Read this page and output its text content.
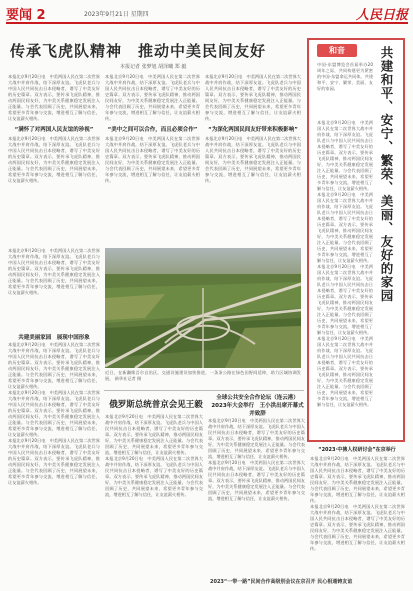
要闻 2	2023年9月21日 星期四	人民日报
传承飞虎队精神　推动中美民间友好
本报记者 张梦旭 胡泽曦 郑 毅
本报北京9月20日电　中美两国人民在第二次世界大战中并肩作战，结下深厚友谊。飞虎队老兵与中国人民共同抗击日本侵略者，谱写了中美友好的历史篇章。双方表示，要传承飞虎队精神，推动两国民间友好，为中美关系健康稳定发展注入正能量。与会代表回顾了历史，共同展望未来，希望更多青年参与交流，增进相互了解与信任，让友谊薪火相传。
“满怀了对两国人民友谊的珍视”
本报北京9月20日电　中美两国人民在第二次世界大战中并肩作战，结下深厚友谊。飞虎队老兵与中国人民共同抗击日本侵略者，谱写了中美友好的历史篇章。双方表示，要传承飞虎队精神，推动两国民间友好，为中美关系健康稳定发展注入正能量。与会代表回顾了历史，共同展望未来，希望更多青年参与交流，增进相互了解与信任，让友谊薪火相传。
本报北京9月20日电　中美两国人民在第二次世界大战中并肩作战，结下深厚友谊。飞虎队老兵与中国人民共同抗击日本侵略者，谱写了中美友好的历史篇章。双方表示，要传承飞虎队精神，推动两国民间友好，为中美关系健康稳定发展注入正能量。与会代表回顾了历史，共同展望未来，希望更多青年参与交流，增进相互了解与信任，让友谊薪火相传。
“美中之间可以合作，而且必须合作”
本报北京9月20日电　中美两国人民在第二次世界大战中并肩作战，结下深厚友谊。飞虎队老兵与中国人民共同抗击日本侵略者，谱写了中美友好的历史篇章。双方表示，要传承飞虎队精神，推动两国民间友好，为中美关系健康稳定发展注入正能量。与会代表回顾了历史，共同展望未来，希望更多青年参与交流，增进相互了解与信任，让友谊薪火相传。
本报北京9月20日电　中美两国人民在第二次世界大战中并肩作战，结下深厚友谊。飞虎队老兵与中国人民共同抗击日本侵略者，谱写了中美友好的历史篇章。双方表示，要传承飞虎队精神，推动两国民间友好，为中美关系健康稳定发展注入正能量。与会代表回顾了历史，共同展望未来，希望更多青年参与交流，增进相互了解与信任，让友谊薪火相传。
“为深化两国民间友好带来积极影响”
本报北京9月20日电　中美两国人民在第二次世界大战中并肩作战，结下深厚友谊。飞虎队老兵与中国人民共同抗击日本侵略者，谱写了中美友好的历史篇章。双方表示，要传承飞虎队精神，推动两国民间友好，为中美关系健康稳定发展注入正能量。与会代表回顾了历史，共同展望未来，希望更多青年参与交流，增进相互了解与信任，让友谊薪火相传。
本报北京9月20日电　中美两国人民在第二次世界大战中并肩作战，结下深厚友谊。飞虎队老兵与中国人民共同抗击日本侵略者，谱写了中美友好的历史篇章。双方表示，要传承飞虎队精神，推动两国民间友好，为中美关系健康稳定发展注入正能量。与会代表回顾了历史，共同展望未来，希望更多青年参与交流，增进相互了解与信任，让友谊薪火相传。
共建美丽家园　展现中国形象
本报北京9月20日电　中美两国人民在第二次世界大战中并肩作战，结下深厚友谊。飞虎队老兵与中国人民共同抗击日本侵略者，谱写了中美友好的历史篇章。双方表示，要传承飞虎队精神，推动两国民间友好，为中美关系健康稳定发展注入正能量。与会代表回顾了历史，共同展望未来，希望更多青年参与交流，增进相互了解与信任，让友谊薪火相传。
本报北京9月20日电　中美两国人民在第二次世界大战中并肩作战，结下深厚友谊。飞虎队老兵与中国人民共同抗击日本侵略者，谱写了中美友好的历史篇章。双方表示，要传承飞虎队精神，推动两国民间友好，为中美关系健康稳定发展注入正能量。与会代表回顾了历史，共同展望未来，希望更多青年参与交流，增进相互了解与信任，让友谊薪火相传。
本报北京9月20日电　中美两国人民在第二次世界大战中并肩作战，结下深厚友谊。飞虎队老兵与中国人民共同抗击日本侵略者，谱写了中美友好的历史篇章。双方表示，要传承飞虎队精神，推动两国民间友好，为中美关系健康稳定发展注入正能量。与会代表回顾了历史，共同展望未来，希望更多青年参与交流，增进相互了解与信任，让友谊薪火相传。
近日，在新疆维吾尔自治区，交通设施建设加快推进，一条条公路在绿色田野间延伸，助力区域协调发展。 新华社记者 摄
和音	共建和平、安宁、繁荣、美丽、友好的家园
中国-东盟博览会首届举办20周年之际，共同构建更为紧密的中国-东盟命运共同体，共建和平、安宁、繁荣、美丽、友好的家园。
本报北京9月20日电　中美两国人民在第二次世界大战中并肩作战，结下深厚友谊。飞虎队老兵与中国人民共同抗击日本侵略者，谱写了中美友好的历史篇章。双方表示，要传承飞虎队精神，推动两国民间友好，为中美关系健康稳定发展注入正能量。与会代表回顾了历史，共同展望未来，希望更多青年参与交流，增进相互了解与信任，让友谊薪火相传。
本报北京9月20日电　中美两国人民在第二次世界大战中并肩作战，结下深厚友谊。飞虎队老兵与中国人民共同抗击日本侵略者，谱写了中美友好的历史篇章。双方表示，要传承飞虎队精神，推动两国民间友好，为中美关系健康稳定发展注入正能量。与会代表回顾了历史，共同展望未来，希望更多青年参与交流，增进相互了解与信任，让友谊薪火相传。
本报北京9月20日电　中美两国人民在第二次世界大战中并肩作战，结下深厚友谊。飞虎队老兵与中国人民共同抗击日本侵略者，谱写了中美友好的历史篇章。双方表示，要传承飞虎队精神，推动两国民间友好，为中美关系健康稳定发展注入正能量。与会代表回顾了历史，共同展望未来，希望更多青年参与交流，增进相互了解与信任，让友谊薪火相传。
本报北京9月20日电　中美两国人民在第二次世界大战中并肩作战，结下深厚友谊。飞虎队老兵与中国人民共同抗击日本侵略者，谱写了中美友好的历史篇章。双方表示，要传承飞虎队精神，推动两国民间友好，为中美关系健康稳定发展注入正能量。与会代表回顾了历史，共同展望未来，希望更多青年参与交流，增进相互了解与信任，让友谊薪火相传。
俄罗斯总统普京会见王毅
本报北京9月20日电　中美两国人民在第二次世界大战中并肩作战，结下深厚友谊。飞虎队老兵与中国人民共同抗击日本侵略者，谱写了中美友好的历史篇章。双方表示，要传承飞虎队精神，推动两国民间友好，为中美关系健康稳定发展注入正能量。与会代表回顾了历史，共同展望未来，希望更多青年参与交流，增进相互了解与信任，让友谊薪火相传。
本报北京9月20日电　中美两国人民在第二次世界大战中并肩作战，结下深厚友谊。飞虎队老兵与中国人民共同抗击日本侵略者，谱写了中美友好的历史篇章。双方表示，要传承飞虎队精神，推动两国民间友好，为中美关系健康稳定发展注入正能量。与会代表回顾了历史，共同展望未来，希望更多青年参与交流，增进相互了解与信任，让友谊薪火相传。
全球公共安全合作论坛（连云港）2023年大会举行　王小洪出席开幕式并致辞
本报北京9月20日电　中美两国人民在第二次世界大战中并肩作战，结下深厚友谊。飞虎队老兵与中国人民共同抗击日本侵略者，谱写了中美友好的历史篇章。双方表示，要传承飞虎队精神，推动两国民间友好，为中美关系健康稳定发展注入正能量。与会代表回顾了历史，共同展望未来，希望更多青年参与交流，增进相互了解与信任，让友谊薪火相传。
本报北京9月20日电　中美两国人民在第二次世界大战中并肩作战，结下深厚友谊。飞虎队老兵与中国人民共同抗击日本侵略者，谱写了中美友好的历史篇章。双方表示，要传承飞虎队精神，推动两国民间友好，为中美关系健康稳定发展注入正能量。与会代表回顾了历史，共同展望未来，希望更多青年参与交流，增进相互了解与信任，让友谊薪火相传。
“2023·中拂人权研讨会”在京举行
本报北京9月20日电　中美两国人民在第二次世界大战中并肩作战，结下深厚友谊。飞虎队老兵与中国人民共同抗击日本侵略者，谱写了中美友好的历史篇章。双方表示，要传承飞虎队精神，推动两国民间友好，为中美关系健康稳定发展注入正能量。与会代表回顾了历史，共同展望未来，希望更多青年参与交流，增进相互了解与信任，让友谊薪火相传。
本报北京9月20日电　中美两国人民在第二次世界大战中并肩作战，结下深厚友谊。飞虎队老兵与中国人民共同抗击日本侵略者，谱写了中美友好的历史篇章。双方表示，要传承飞虎队精神，推动两国民间友好，为中美关系健康稳定发展注入正能量。与会代表回顾了历史，共同展望未来，希望更多青年参与交流，增进相互了解与信任，让友谊薪火相传。
2023“一带一路”民间合作高级别会议在京召开 民心相通铸友谊
